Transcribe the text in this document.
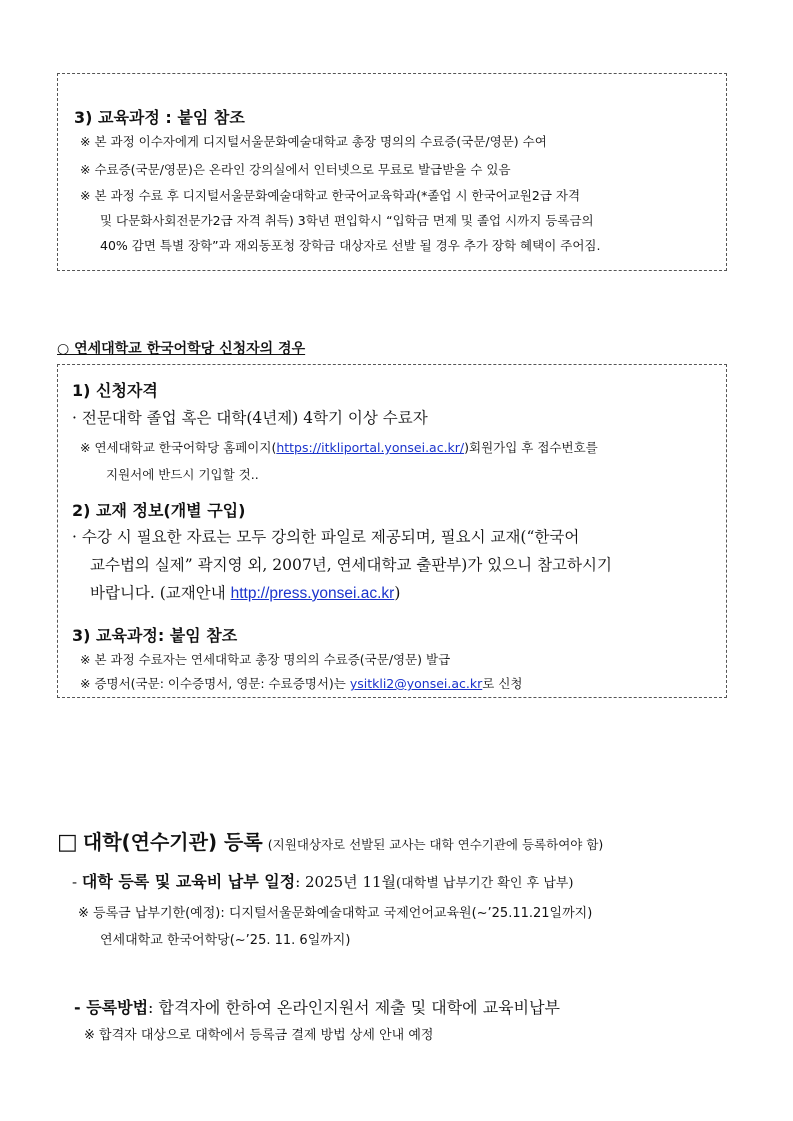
3) 교육과정 : 붙임 참조
※ 본 과정 이수자에게 디지털서울문화예술대학교 총장 명의의 수료증(국문/영문) 수여
※ 수료증(국문/영문)은 온라인 강의실에서 인터넷으로 무료로 발급받을 수 있음
※ 본 과정 수료 후 디지털서울문화예술대학교 한국어교육학과(*졸업 시 한국어교원2급 자격
및 다문화사회전문가2급 자격 취득) 3학년 편입학시 “입학금 면제 및 졸업 시까지 등록금의
40% 감면 특별 장학”과 재외동포청 장학금 대상자로 선발 될 경우 추가 장학 혜택이 주어짐.
○ 연세대학교 한국어학당 신청자의 경우
1) 신청자격
· 전문대학 졸업 혹은 대학(4년제) 4학기 이상 수료자
※ 연세대학교 한국어학당 홈페이지(https://itkliportal.yonsei.ac.kr/)회원가입 후 접수번호를
지원서에 반드시 기입할 것..
2) 교재 정보(개별 구입)
· 수강 시 필요한 자료는 모두 강의한 파일로 제공되며, 필요시 교재(“한국어
교수법의 실제” 곽지영 외, 2007년, 연세대학교 출판부)가 있으니 참고하시기
바랍니다. (교재안내 http://press.yonsei.ac.kr)
3) 교육과정: 붙임 참조
※ 본 과정 수료자는 연세대학교 총장 명의의 수료증(국문/영문) 발급
※ 증명서(국문: 이수증명서, 영문: 수료증명서)는 ysitkli2@yonsei.ac.kr로 신청
□ 대학(연수기관) 등록 (지원대상자로 선발된 교사는 대학 연수기관에 등록하여야 함)
- 대학 등록 및 교육비 납부 일정: 2025년 11월(대학별 납부기간 확인 후 납부)
※ 등록금 납부기한(예정): 디지털서울문화예술대학교 국제언어교육원(~’25.11.21일까지)
연세대학교 한국어학당(~’25. 11. 6일까지)
- 등록방법: 합격자에 한하여 온라인지원서 제출 및 대학에 교육비납부
※ 합격자 대상으로 대학에서 등록금 결제 방법 상세 안내 예정
